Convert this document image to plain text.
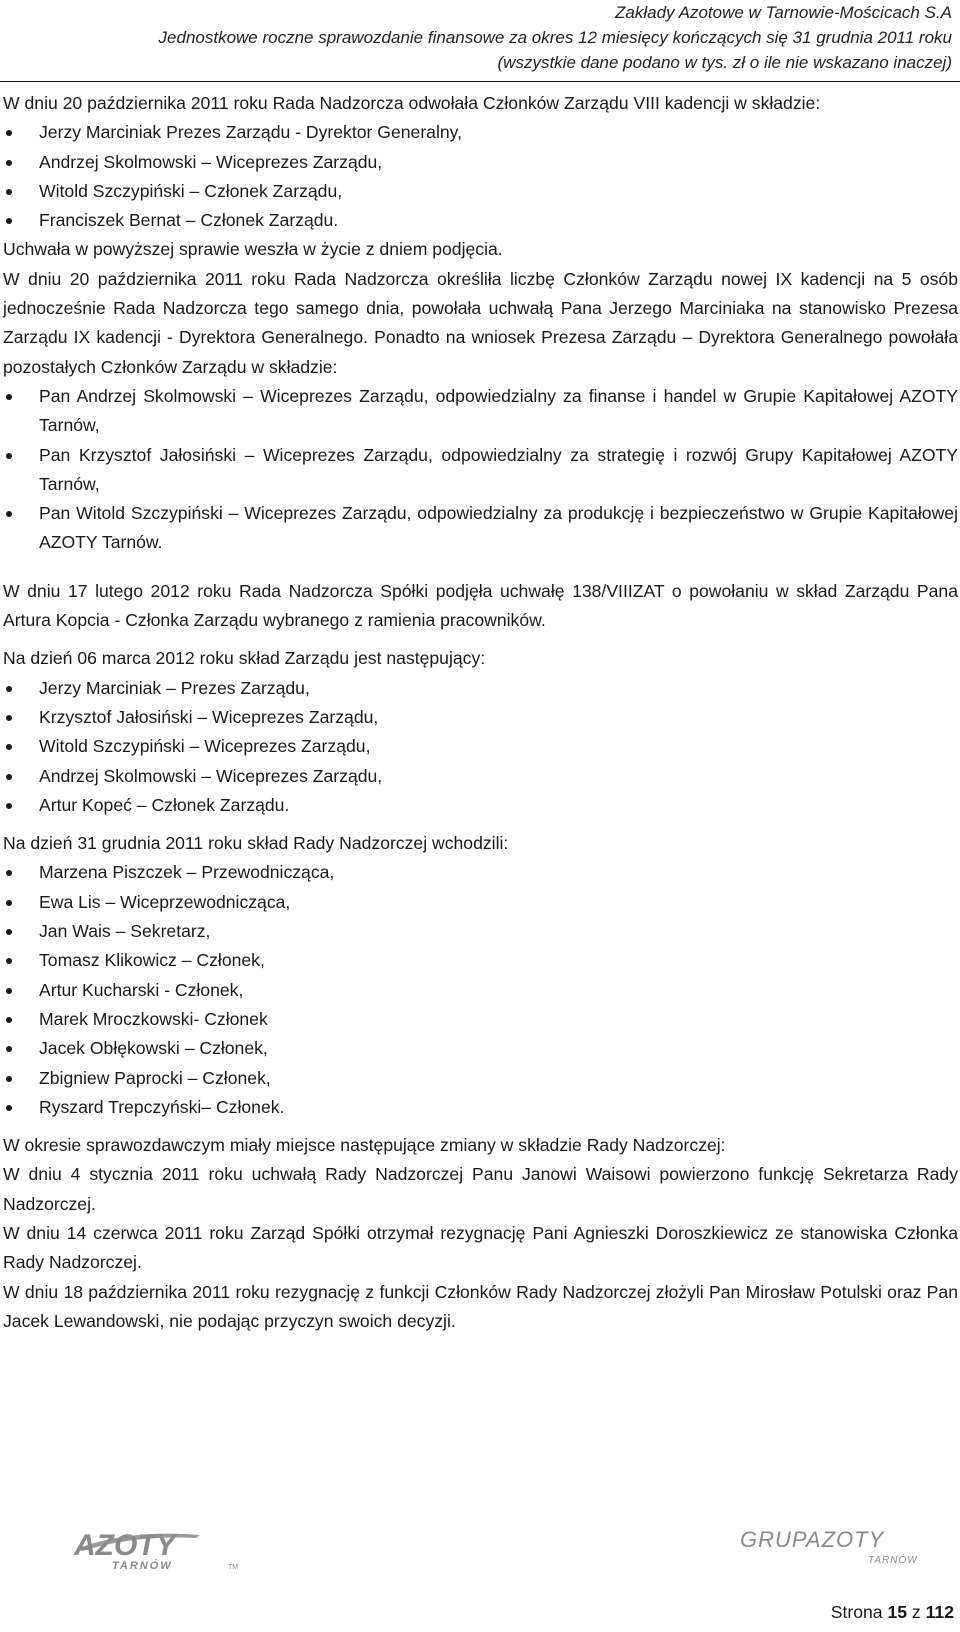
Zakłady Azotowe w Tarnowie-Mościcach S.A
Jednostkowe roczne sprawozdanie finansowe za okres 12 miesięcy kończących się 31 grudnia 2011 roku
(wszystkie dane podano w tys. zł o ile nie wskazano inaczej)

W dniu 20 października 2011 roku Rada Nadzorcza odwołała Członków Zarządu VIII kadencji w składzie:

Jerzy Marciniak Prezes Zarządu - Dyrektor Generalny,
Andrzej Skolmowski – Wiceprezes Zarządu,
Witold Szczypiński – Członek Zarządu,
Franciszek Bernat – Członek Zarządu.

Uchwała w powyższej sprawie weszła w życie z dniem podjęcia.

W dniu 20 października 2011 roku Rada Nadzorcza określiła liczbę Członków Zarządu nowej IX kadencji na 5 osób jednocześnie Rada Nadzorcza tego samego dnia, powołała uchwałą Pana Jerzego Marciniaka na stanowisko Prezesa Zarządu IX kadencji - Dyrektora Generalnego. Ponadto na wniosek Prezesa Zarządu – Dyrektora Generalnego powołała pozostałych Członków Zarządu w składzie:

Pan Andrzej Skolmowski – Wiceprezes Zarządu, odpowiedzialny za finanse i handel w Grupie Kapitałowej AZOTY Tarnów,
Pan Krzysztof Jałosiński – Wiceprezes Zarządu, odpowiedzialny za strategię i rozwój Grupy Kapitałowej AZOTY Tarnów,
Pan Witold Szczypiński – Wiceprezes Zarządu, odpowiedzialny za produkcję i bezpieczeństwo w Grupie Kapitałowej AZOTY Tarnów.

W dniu 17 lutego 2012 roku Rada Nadzorcza Spółki podjęła uchwałę 138/VIIIZAT o powołaniu w skład Zarządu Pana Artura Kopcia - Członka Zarządu wybranego z ramienia pracowników.

Na dzień 06 marca 2012 roku skład Zarządu jest następujący:

Jerzy Marciniak – Prezes Zarządu,
Krzysztof Jałosiński – Wiceprezes Zarządu,
Witold Szczypiński – Wiceprezes Zarządu,
Andrzej Skolmowski – Wiceprezes Zarządu,
Artur Kopeć – Członek Zarządu.

Na dzień 31 grudnia 2011 roku skład Rady Nadzorczej wchodzili:

Marzena Piszczek – Przewodnicząca,
Ewa Lis – Wiceprzewodnicząca,
Jan Wais – Sekretarz,
Tomasz Klikowicz – Członek,
Artur Kucharski - Członek,
Marek Mroczkowski- Członek
Jacek Obłękowski – Członek,
Zbigniew Paprocki – Członek,
Ryszard Trepczyński– Członek.

W okresie sprawozdawczym miały miejsce następujące zmiany w składzie Rady Nadzorczej:

W dniu 4 stycznia 2011 roku uchwałą Rady Nadzorczej Panu Janowi Waisowi powierzono funkcję Sekretarza Rady Nadzorczej.

W dniu 14 czerwca 2011 roku Zarząd Spółki otrzymał rezygnację Pani Agnieszki Doroszkiewicz ze stanowiska Członka Rady Nadzorczej.

W dniu 18 października 2011 roku rezygnację z funkcji Członków Rady Nadzorczej złożyli Pan Mirosław Potulski oraz Pan Jacek Lewandowski, nie podając przyczyn swoich decyzji.

AZOTY
TARNÓW	TM
GRUPAZOTY
TARNÓW
Strona 15 z 112
